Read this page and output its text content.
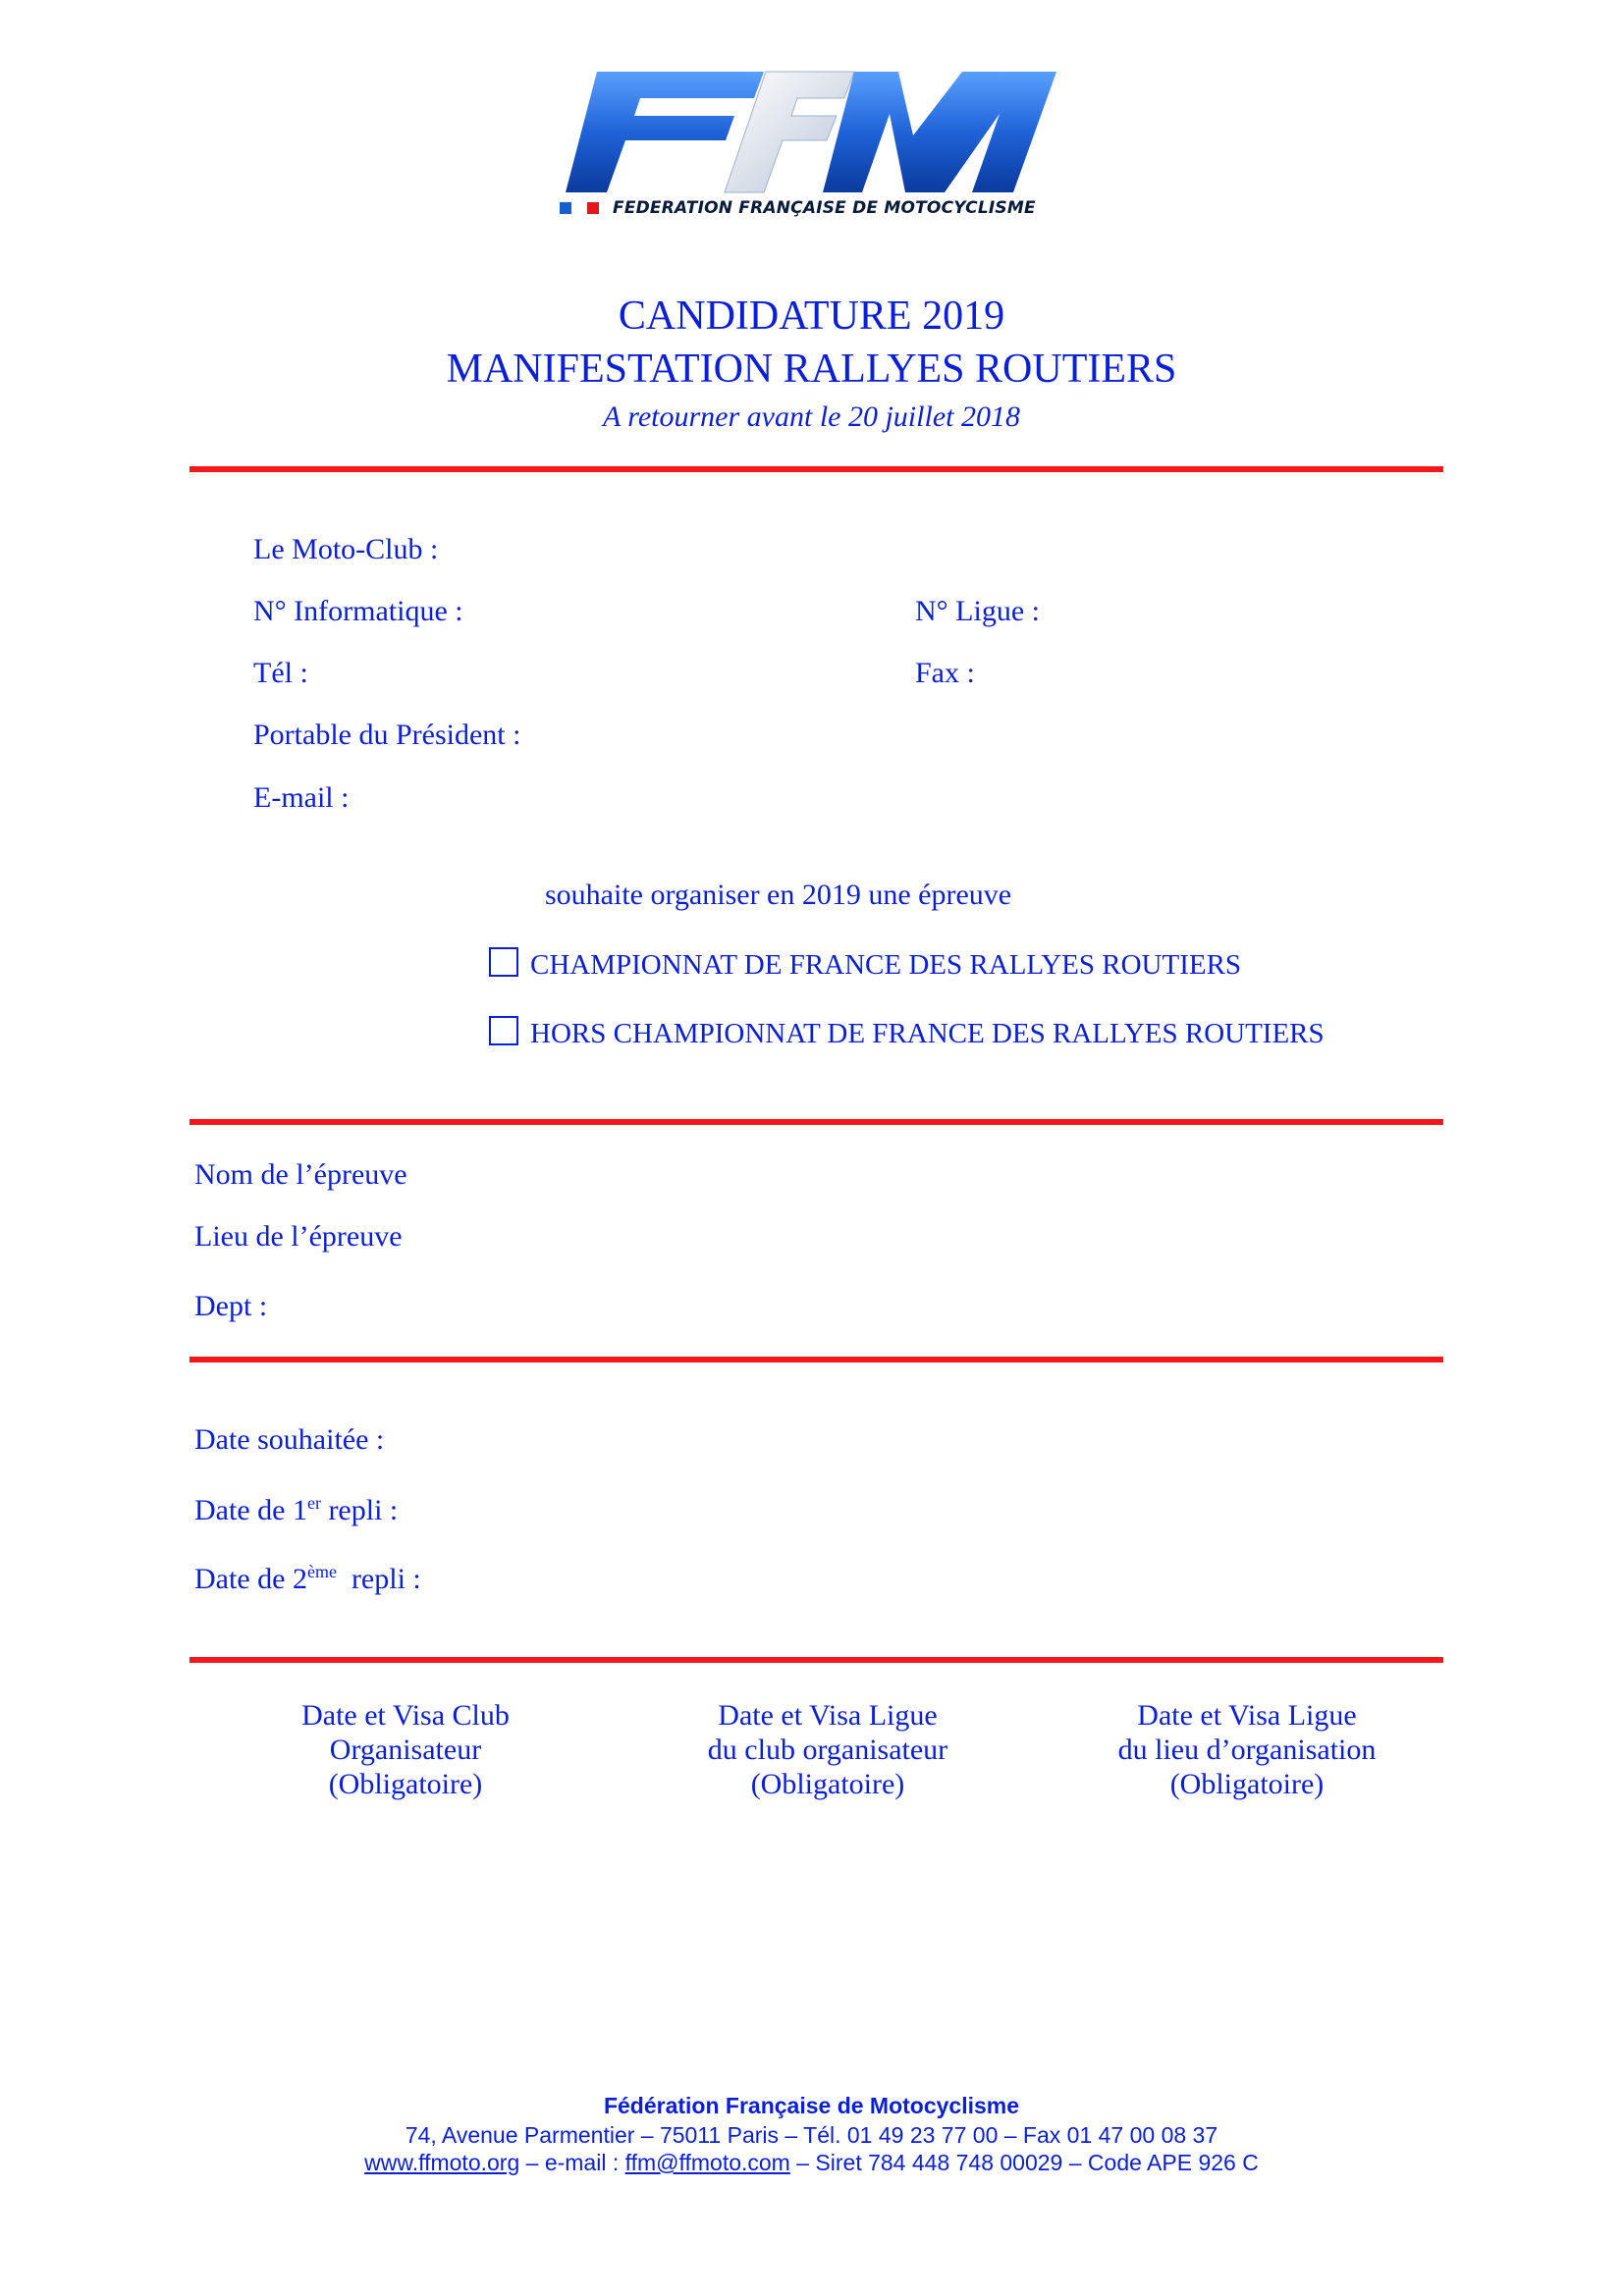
FEDERATION FRANÇAISE DE MOTOCYCLISME
CANDIDATURE 2019
MANIFESTATION RALLYES ROUTIERS
A retourner avant le 20 juillet 2018
Le Moto-Club :
N° Informatique :	N° Ligue :
Tél :	Fax :
Portable du Président :
E-mail :
souhaite organiser en 2019 une épreuve
CHAMPIONNAT DE FRANCE DES RALLYES ROUTIERS
HORS CHAMPIONNAT DE FRANCE DES RALLYES ROUTIERS
Nom de l’épreuve
Lieu de l’épreuve
Dept :
Date souhaitée :
Date de 1er repli :
Date de 2ème  repli :
Date et Visa Club
Organisateur
(Obligatoire)
Date et Visa Ligue
du club organisateur
(Obligatoire)
Date et Visa Ligue
du lieu d’organisation
(Obligatoire)
Fédération Française de Motocyclisme
74, Avenue Parmentier – 75011 Paris – Tél. 01 49 23 77 00 – Fax 01 47 00 08 37
www.ffmoto.org – e-mail : ffm@ffmoto.com – Siret 784 448 748 00029 – Code APE 926 C
